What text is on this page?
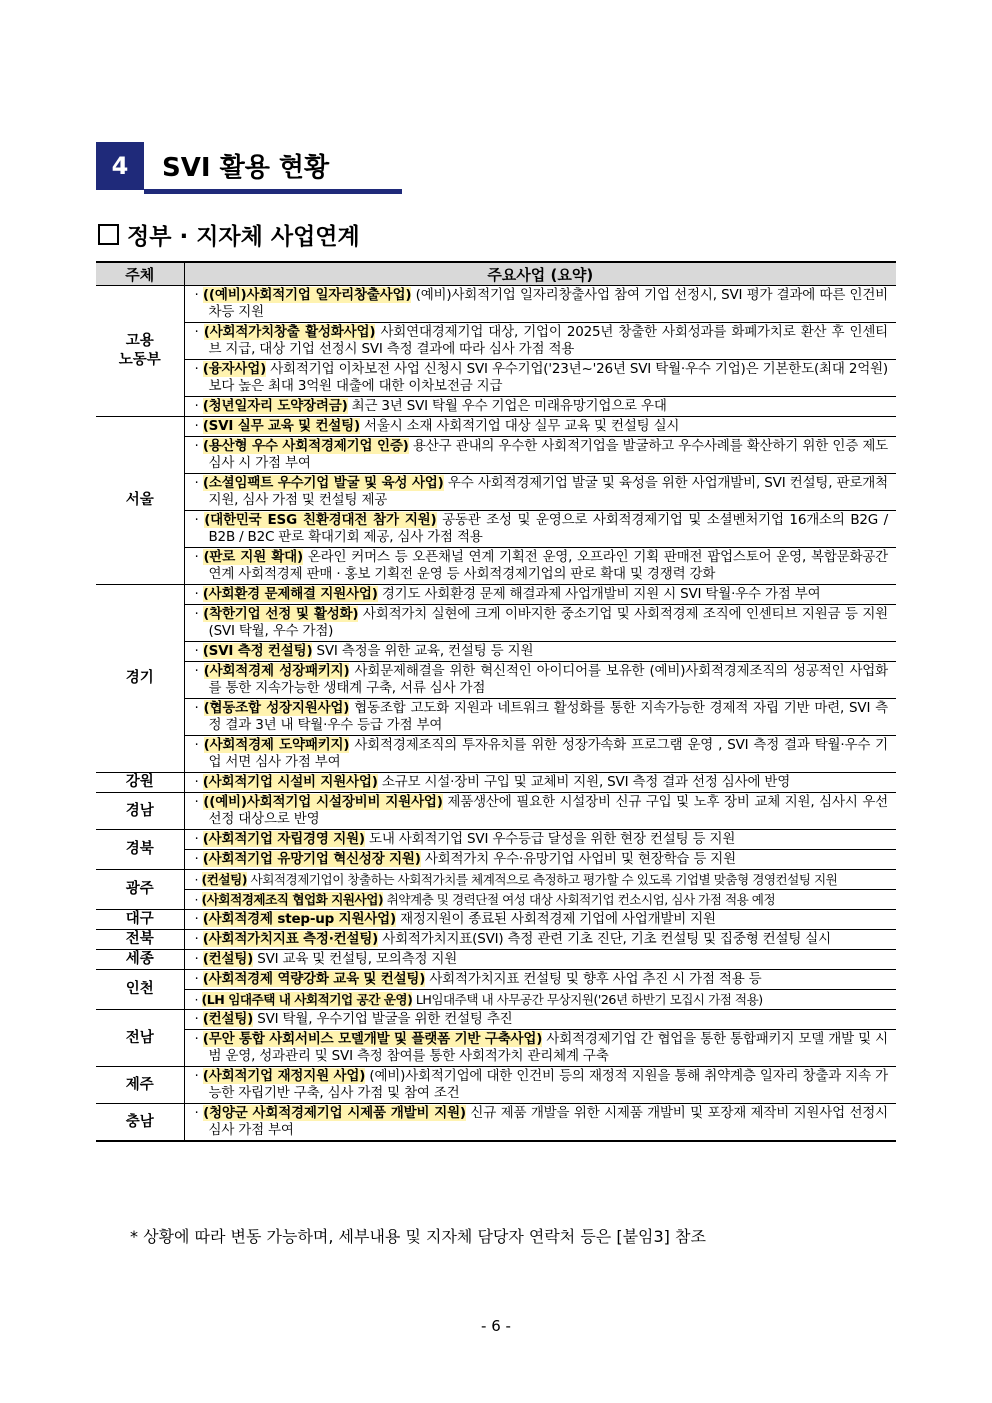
4	SVI 활용 현황
정부 · 지자체 사업연계
주체	주요사업 (요약)
고용
노동부	· ((예비)사회적기업 일자리창출사업) (예비)사회적기업 일자리창출사업 참여 기업 선정시, SVI 평가 결과에 따른 인건비 차등 지원
	· (사회적가치창출 활성화사업) 사회연대경제기업 대상, 기업이 2025년 창출한 사회성과를 화폐가치로 환산 후 인센티브 지급, 대상 기업 선정시 SVI 측정 결과에 따라 심사 가점 적용
	· (융자사업) 사회적기업 이차보전 사업 신청시 SVI 우수기업('23년~'26년 SVI 탁월·우수 기업)은 기본한도(최대 2억원)보다 높은 최대 3억원 대출에 대한 이차보전금 지급
	· (청년일자리 도약장려금) 최근 3년 SVI 탁월 우수 기업은 미래유망기업으로 우대
서울	· (SVI 실무 교육 및 컨설팅) 서울시 소재 사회적기업 대상 실무 교육 및 컨설팅 실시
	· (용산형 우수 사회적경제기업 인증) 용산구 관내의 우수한 사회적기업을 발굴하고 우수사례를 확산하기 위한 인증 제도 심사 시 가점 부여
	· (소셜임팩트 우수기업 발굴 및 육성 사업) 우수 사회적경제기업 발굴 및 육성을 위한 사업개발비, SVI 컨설팅, 판로개척 지원, 심사 가점 및 컨설팅 제공
	· (대한민국 ESG 친환경대전 참가 지원) 공동관 조성 및 운영으로 사회적경제기업 및 소셜벤처기업 16개소의 B2G / B2B / B2C 판로 확대기회 제공, 심사 가점 적용
	· (판로 지원 확대) 온라인 커머스 등 오픈채널 연계 기획전 운영, 오프라인 기획 판매전 팝업스토어 운영, 복합문화공간 연계 사회적경제 판매 · 홍보 기획전 운영 등 사회적경제기업의 판로 확대 및 경쟁력 강화
경기	· (사회환경 문제해결 지원사업) 경기도 사회환경 문제 해결과제 사업개발비 지원 시 SVI 탁월·우수 가점 부여
	· (착한기업 선정 및 활성화) 사회적가치 실현에 크게 이바지한 중소기업 및 사회적경제 조직에 인센티브 지원금 등 지원(SVI 탁월, 우수 가점)
	· (SVI 측정 컨설팅) SVI 측정을 위한 교육, 컨설팅 등 지원
	· (사회적경제 성장패키지) 사회문제해결을 위한 혁신적인 아이디어를 보유한 (예비)사회적경제조직의 성공적인 사업화를 통한 지속가능한 생태계 구축, 서류 심사 가점
	· (협동조합 성장지원사업) 협동조합 고도화 지원과 네트워크 활성화를 통한 지속가능한 경제적 자립 기반 마련, SVI 측정 결과 3년 내 탁월·우수 등급 가점 부여
	· (사회적경제 도약패키지) 사회적경제조직의 투자유치를 위한 성장가속화 프로그램 운영 , SVI 측정 결과 탁월·우수 기업 서면 심사 가점 부여
강원	· (사회적기업 시설비 지원사업) 소규모 시설·장비 구입 및 교체비 지원, SVI 측정 결과 선정 심사에 반영
경남	· ((예비)사회적기업 시설장비비 지원사업) 제품생산에 필요한 시설장비 신규 구입 및 노후 장비 교체 지원, 심사시 우선 선정 대상으로 반영
경북	· (사회적기업 자립경영 지원) 도내 사회적기업 SVI 우수등급 달성을 위한 현장 컨설팅 등 지원
	· (사회적기업 유망기업 혁신성장 지원) 사회적가치 우수·유망기업 사업비 및 현장학습 등 지원
광주	· (컨설팅) 사회적경제기업이 창출하는 사회적가치를 체계적으로 측정하고 평가할 수 있도록 기업별 맞춤형 경영컨설팅 지원
	· (사회적경제조직 협업화 지원사업) 취약계층 및 경력단절 여성 대상 사회적기업 컨소시엄, 심사 가점 적용 예정
대구	· (사회적경제 step-up 지원사업) 재정지원이 종료된 사회적경제 기업에 사업개발비 지원
전북	· (사회적가치지표 측정·컨설팅) 사회적가치지표(SVI) 측정 관련 기초 진단, 기초 컨설팅 및 집중형 컨설팅 실시
세종	· (컨설팅) SVI 교육 및 컨설팅, 모의측정 지원
인천	· (사회적경제 역량강화 교육 및 컨설팅) 사회적가치지표 컨설팅 및 향후 사업 추진 시 가점 적용 등
	· (LH 임대주택 내 사회적기업 공간 운영) LH임대주택 내 사무공간 무상지원('26년 하반기 모집시 가점 적용)
전남	· (컨설팅) SVI 탁월, 우수기업 발굴을 위한 컨설팅 추진
	· (무안 통합 사회서비스 모델개발 및 플랫폼 기반 구축사업) 사회적경제기업 간 협업을 통한 통합패키지 모델 개발 및 시범 운영, 성과관리 및 SVI 측정 참여를 통한 사회적가치 관리체계 구축
제주	· (사회적기업 재정지원 사업) (예비)사회적기업에 대한 인건비 등의 재정적 지원을 통해 취약계층 일자리 창출과 지속 가능한 자립기반 구축, 심사 가점 및 참여 조건
충남	· (청양군 사회적경제기업 시제품 개발비 지원) 신규 제품 개발을 위한 시제품 개발비 및 포장재 제작비 지원사업 선정시 심사 가점 부여
* 상황에 따라 변동 가능하며, 세부내용 및 지자체 담당자 연락처 등은 [붙임3] 참조
- 6 -
